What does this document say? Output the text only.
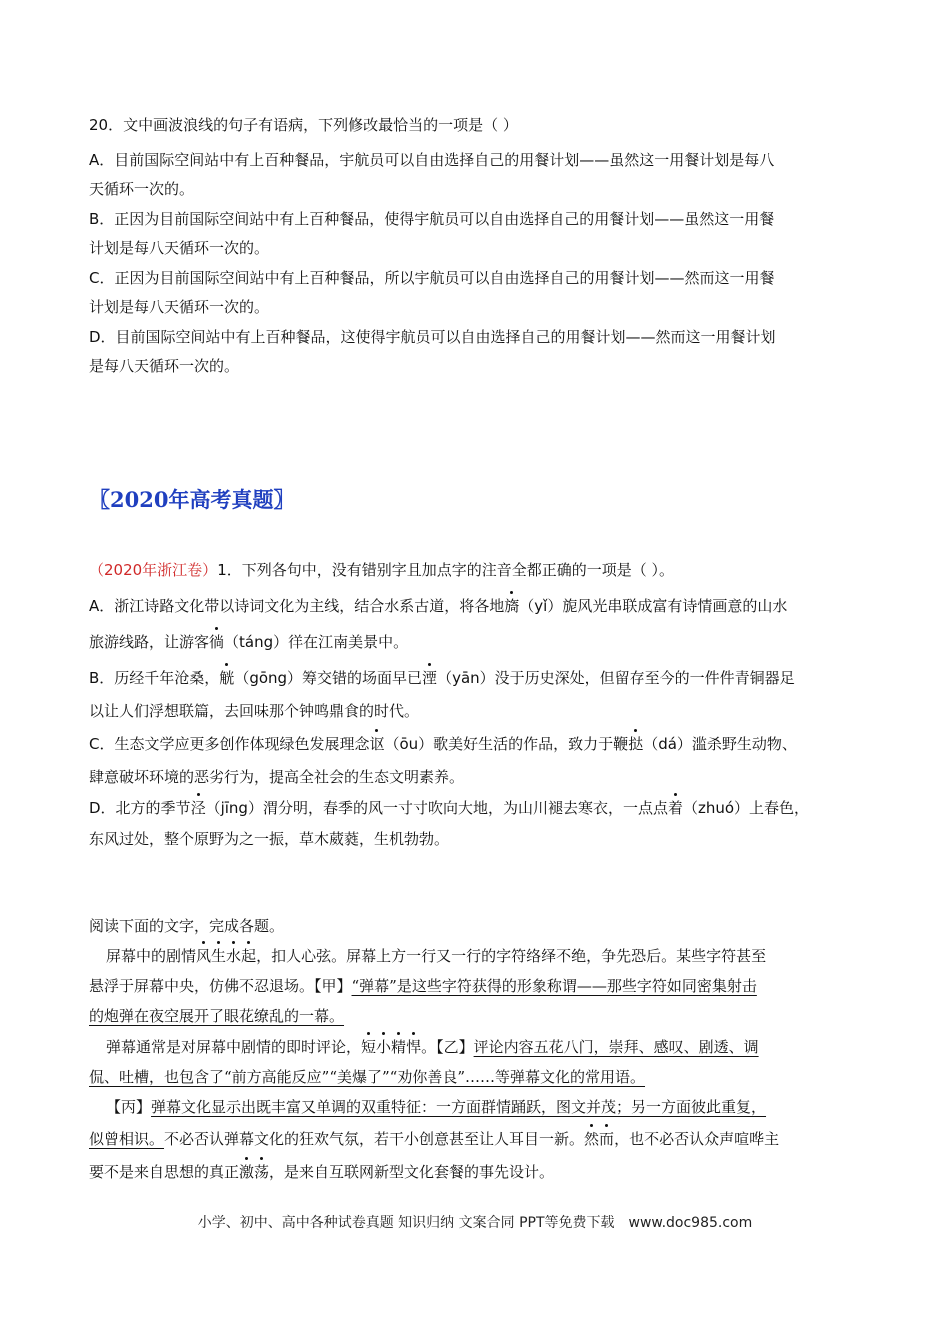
20．文中画波浪线的句子有语病，下列修改最恰当的一项是（ ）
A．目前国际空间站中有上百种餐品，宇航员可以自由选择自己的用餐计划——虽然这一用餐计划是每八
天循环一次的。
B．正因为目前国际空间站中有上百种餐品，使得宇航员可以自由选择自己的用餐计划——虽然这一用餐
计划是每八天循环一次的。
C．正因为目前国际空间站中有上百种餐品，所以宇航员可以自由选择自己的用餐计划——然而这一用餐
计划是每八天循环一次的。
D．目前国际空间站中有上百种餐品，这使得宇航员可以自由选择自己的用餐计划——然而这一用餐计划
是每八天循环一次的。
〖2020年高考真题〗
（2020年浙江卷）1．下列各句中，没有错别字且加点字的注音全都正确的一项是（ ）。
A．浙江诗路文化带以诗词文化为主线，结合水系古道，将各地旖（yǐ）旎风光串联成富有诗情画意的山水
旅游线路，让游客徜（táng）徉在江南美景中。
B．历经千年沧桑，觥（gōng）筹交错的场面早已湮（yān）没于历史深处，但留存至今的一件件青铜器足
以让人们浮想联篇，去回味那个钟鸣鼎食的时代。
C．生态文学应更多创作体现绿色发展理念讴（ōu）歌美好生活的作品，致力于鞭挞（dá）滥杀野生动物、
肆意破坏环境的恶劣行为，提高全社会的生态文明素养。
D．北方的季节泾（jīng）渭分明，春季的风一寸寸吹向大地，为山川褪去寒衣，一点点着（zhuó）上春色，
东风过处，整个原野为之一振，草木葳蕤，生机勃勃。
阅读下面的文字，完成各题。
屏幕中的剧情风生水起，扣人心弦。屏幕上方一行又一行的字符络绎不绝，争先恐后。某些字符甚至
悬浮于屏幕中央，仿佛不忍退场。【甲】“弹幕”是这些字符获得的形象称谓——那些字符如同密集射击
的炮弹在夜空展开了眼花缭乱的一幕。
弹幕通常是对屏幕中剧情的即时评论，短小精悍。【乙】评论内容五花八门，崇拜、感叹、剧透、调
侃、吐槽，也包含了“前方高能反应”“美爆了”“劝你善良”……等弹幕文化的常用语。
【丙】弹幕文化显示出既丰富又单调的双重特征：一方面群情踊跃，图文并茂；另一方面彼此重复，
似曾相识。不必否认弹幕文化的狂欢气氛，若干小创意甚至让人耳目一新。然而，也不必否认众声喧哗主
要不是来自思想的真正激荡，是来自互联网新型文化套餐的事先设计。
小学、初中、高中各种试卷真题 知识归纳 文案合同 PPT等免费下载 www.doc985.com
